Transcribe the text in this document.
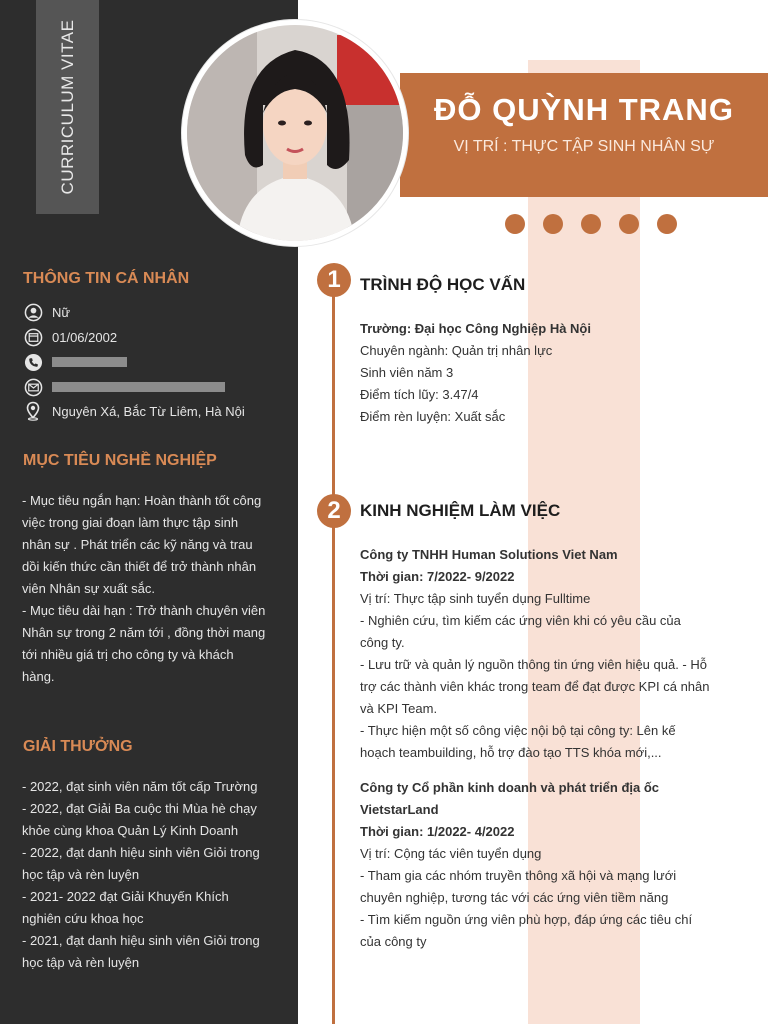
CURRICULUM VITAE
THÔNG TIN CÁ NHÂN
Nữ
01/06/2002
Nguyên Xá, Bắc Từ Liêm, Hà Nội
MỤC TIÊU NGHỀ NGHIỆP
- Mục tiêu ngắn hạn: Hoàn thành tốt công
việc trong giai đoạn làm thực tập sinh
nhân sự . Phát triển các kỹ năng và trau
dồi kiến thức cần thiết để trở thành nhân
viên Nhân sự xuất sắc.
- Mục tiêu dài hạn : Trở thành chuyên viên
Nhân sự trong 2 năm tới , đồng thời mang
tới nhiều giá trị cho công ty và khách
hàng.
GIẢI THƯỞNG
- 2022, đạt sinh viên năm tốt cấp Trường
- 2022, đạt Giải Ba cuộc thi Mùa hè chạy
khỏe cùng khoa Quản Lý Kinh Doanh
- 2022, đạt danh hiệu sinh viên Giỏi trong
học tập và rèn luyện
- 2021- 2022 đạt Giải Khuyến Khích
nghiên cứu khoa học
- 2021, đạt danh hiệu sinh viên Giỏi trong
học tập và rèn luyện
ĐỖ QUỲNH TRANG
VỊ TRÍ : THỰC TẬP SINH NHÂN SỰ
1	TRÌNH ĐỘ HỌC VẤN
Trường: Đại học Công Nghiệp Hà Nội
Chuyên ngành: Quản trị nhân lực
Sinh viên năm 3
Điểm tích lũy: 3.47/4
Điểm rèn luyện: Xuất sắc
2	KINH NGHIỆM LÀM VIỆC
Công ty TNHH Human Solutions Viet Nam
Thời gian: 7/2022- 9/2022
Vị trí: Thực tập sinh tuyển dụng Fulltime
- Nghiên cứu, tìm kiếm các ứng viên khi có yêu cầu của
công ty.
- Lưu trữ và quản lý nguồn thông tin ứng viên hiệu quả. - Hỗ
trợ các thành viên khác trong team để đạt được KPI cá nhân
và KPI Team.
- Thực hiện một số công việc nội bộ tại công ty: Lên kế
hoạch teambuilding, hỗ trợ đào tạo TTS khóa mới,...
Công ty Cổ phần kinh doanh và phát triển địa ốc
VietstarLand
Thời gian: 1/2022- 4/2022
Vị trí: Cộng tác viên tuyển dụng
- Tham gia các nhóm truyền thông xã hội và mạng lưới
chuyên nghiệp, tương tác với các ứng viên tiềm năng
- Tìm kiếm nguồn ứng viên phù hợp, đáp ứng các tiêu chí
của công ty
